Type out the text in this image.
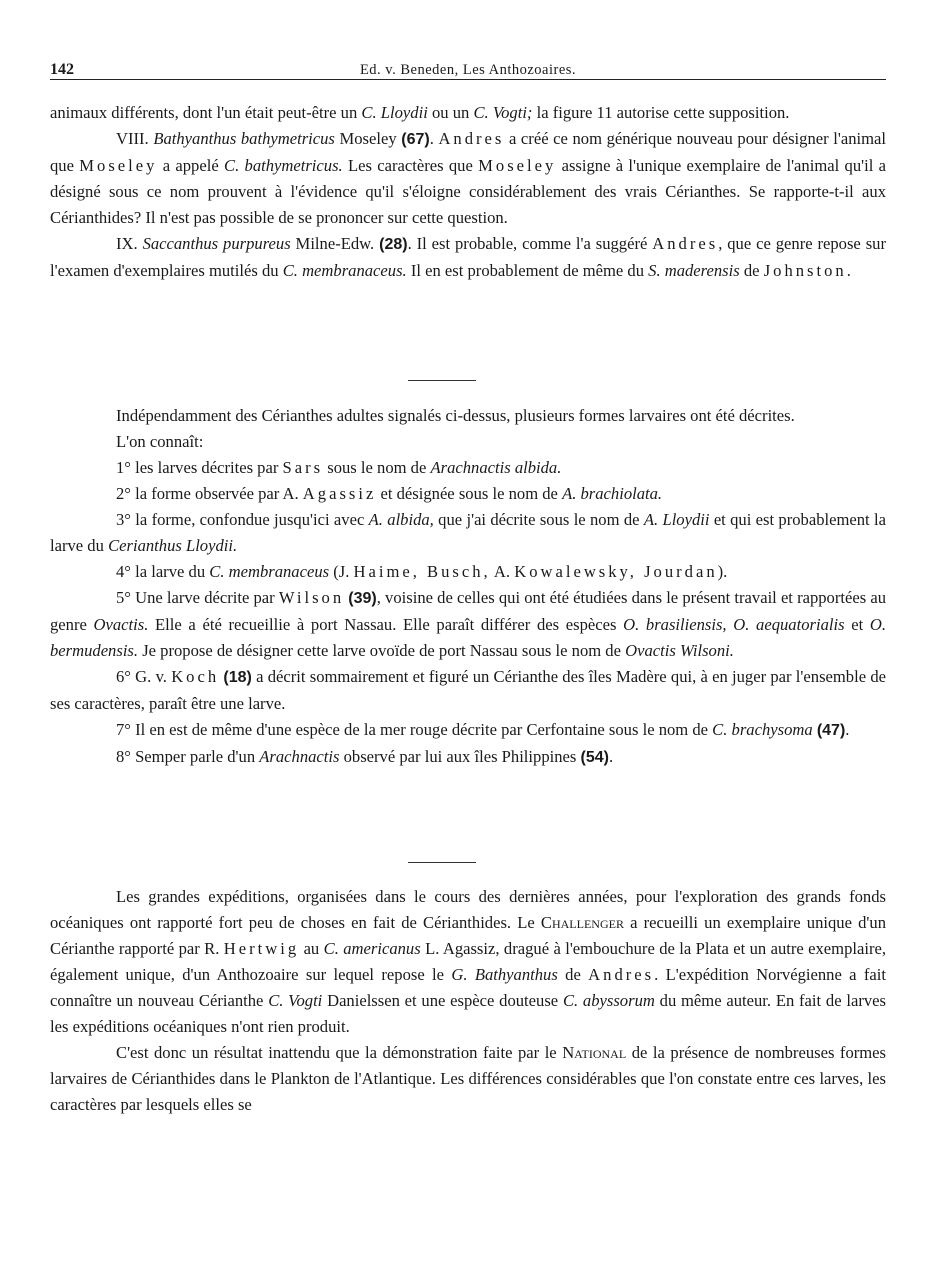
142	Ed. v. Beneden, Les Anthozoaires.

animaux différents, dont l'un était peut-être un C. Lloydii ou un C. Vogti; la figure 11 autorise cette supposition.

VIII. Bathyanthus bathymetricus Moseley (67). Andres a créé ce nom générique nouveau pour désigner l'animal que Moseley a appelé C. bathymetricus. Les caractères que Moseley assigne à l'unique exemplaire de l'animal qu'il a désigné sous ce nom prouvent à l'évidence qu'il s'éloigne considérablement des vrais Cérianthes. Se rapporte-t-il aux Cérianthides? Il n'est pas possible de se prononcer sur cette question.

IX. Saccanthus purpureus Milne-Edw. (28). Il est probable, comme l'a suggéré Andres, que ce genre repose sur l'examen d'exemplaires mutilés du C. membranaceus. Il en est probablement de même du S. maderensis de Johnston.

Indépendamment des Cérianthes adultes signalés ci-dessus, plusieurs formes larvaires ont été décrites.

L'on connaît:

1° les larves décrites par Sars sous le nom de Arachnactis albida.

2° la forme observée par A. Agassiz et désignée sous le nom de A. brachiolata.

3° la forme, confondue jusqu'ici avec A. albida, que j'ai décrite sous le nom de A. Lloydii et qui est probablement la larve du Cerianthus Lloydii.

4° la larve du C. membranaceus (J. Haime, Busch, A. Kowalewsky, Jourdan).

5° Une larve décrite par Wilson (39), voisine de celles qui ont été étudiées dans le présent travail et rapportées au genre Ovactis. Elle a été recueillie à port Nassau. Elle paraît différer des espèces O. brasiliensis, O. aequatorialis et O. bermudensis. Je propose de désigner cette larve ovoïde de port Nassau sous le nom de Ovactis Wilsoni.

6° G. v. Koch (18) a décrit sommairement et figuré un Cérianthe des îles Madère qui, à en juger par l'ensemble de ses caractères, paraît être une larve.

7° Il en est de même d'une espèce de la mer rouge décrite par Cerfontaine sous le nom de C. brachysoma (47).

8° Semper parle d'un Arachnactis observé par lui aux îles Philippines (54).

Les grandes expéditions, organisées dans le cours des dernières années, pour l'exploration des grands fonds océaniques ont rapporté fort peu de choses en fait de Cérianthides. Le Challenger a recueilli un exemplaire unique d'un Cérianthe rapporté par R. Hertwig au C. americanus L. Agassiz, dragué à l'embouchure de la Plata et un autre exemplaire, également unique, d'un Anthozoaire sur lequel repose le G. Bathyanthus de Andres. L'expédition Norvégienne a fait connaître un nouveau Cérianthe C. Vogti Danielssen et une espèce douteuse C. abyssorum du même auteur. En fait de larves les expéditions océaniques n'ont rien produit.

C'est donc un résultat inattendu que la démonstration faite par le National de la présence de nombreuses formes larvaires de Cérianthides dans le Plankton de l'Atlantique. Les différences considérables que l'on constate entre ces larves, les caractères par lesquels elles se
